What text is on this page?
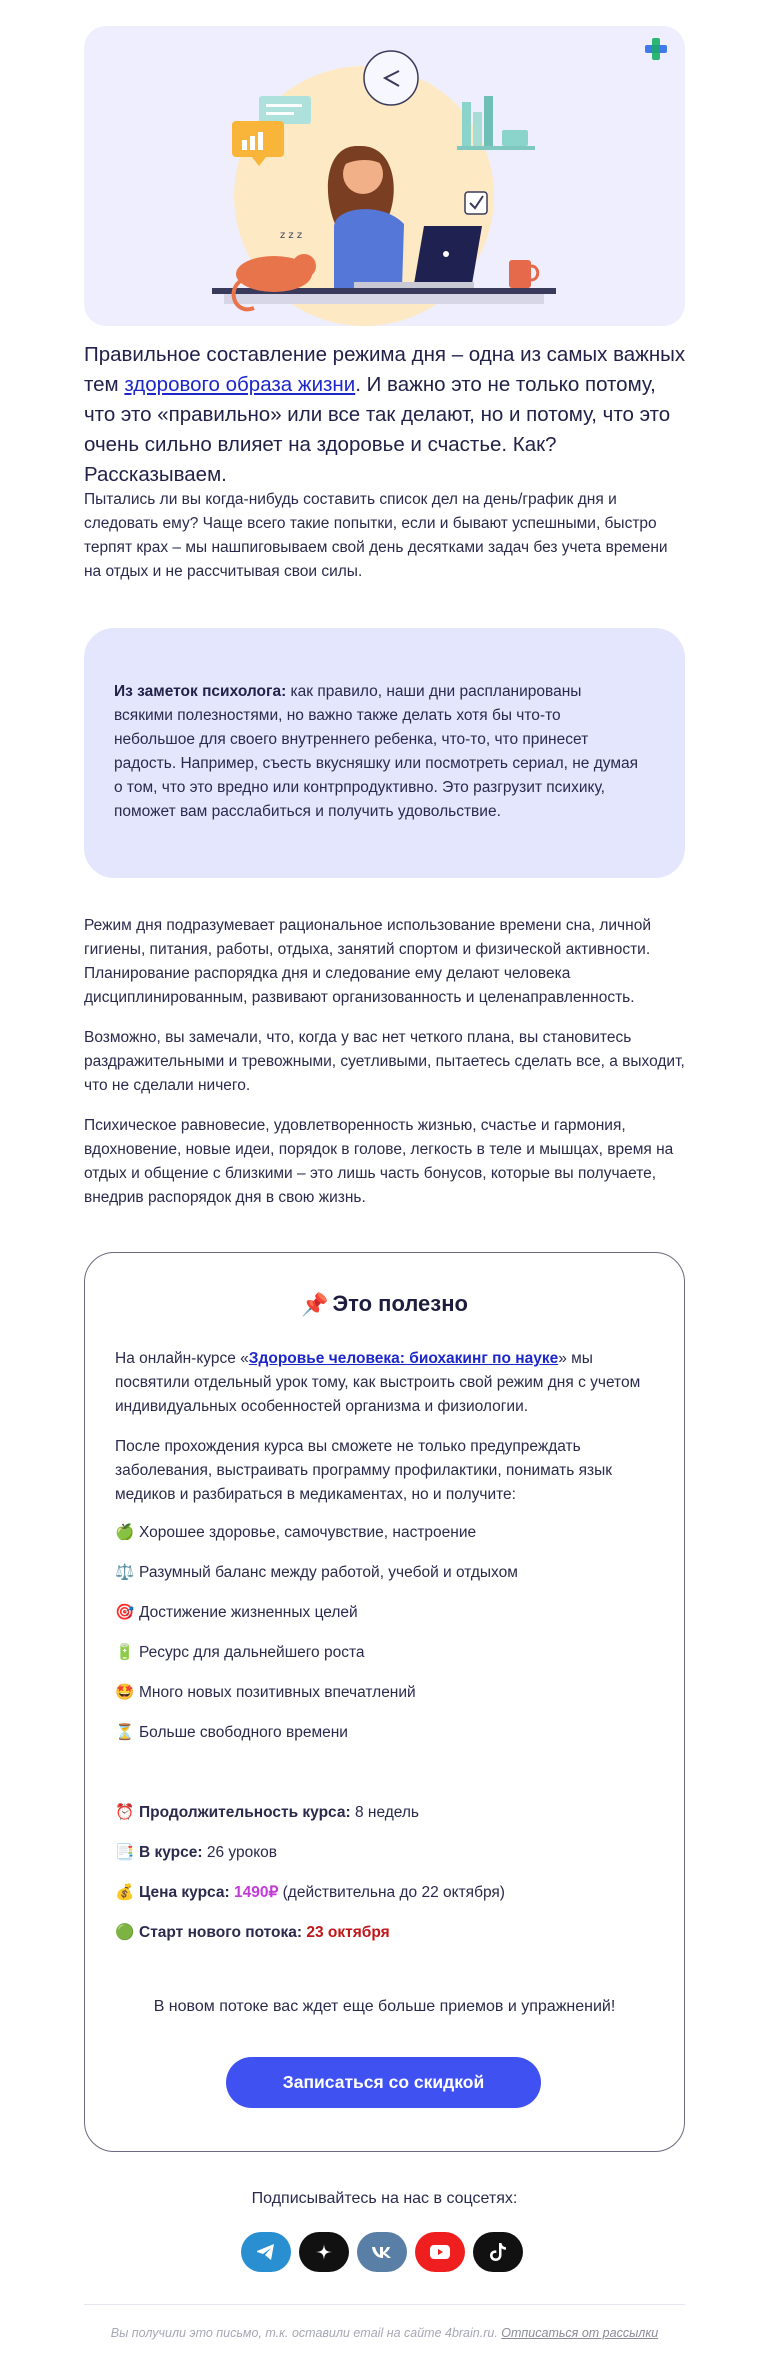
z z z
Правильное составление режима дня – одна из самых важных тем здорового образа жизни. И важно это не только потому, что это «правильно» или все так делают, но и потому, что это очень сильно влияет на здоровье и счастье. Как? Рассказываем.
Пытались ли вы когда-нибудь составить список дел на день/график дня и следовать ему? Чаще всего такие попытки, если и бывают успешными, быстро терпят крах – мы нашпиговываем свой день десятками задач без учета времени на отдых и не рассчитывая свои силы.
Из заметок психолога: как правило, наши дни распланированы всякими полезностями, но важно также делать хотя бы что-то небольшое для своего внутреннего ребенка, что-то, что принесет радость. Например, съесть вкусняшку или посмотреть сериал, не думая о том, что это вредно или контрпродуктивно. Это разгрузит психику, поможет вам расслабиться и получить удовольствие.
Режим дня подразумевает рациональное использование времени сна, личной гигиены, питания, работы, отдыха, занятий спортом и физической активности. Планирование распорядка дня и следование ему делают человека дисциплинированным, развивают организованность и целенаправленность.
Возможно, вы замечали, что, когда у вас нет четкого плана, вы становитесь раздражительными и тревожными, суетливыми, пытаетесь сделать все, а выходит, что не сделали ничего.
Психическое равновесие, удовлетворенность жизнью, счастье и гармония, вдохновение, новые идеи, порядок в голове, легкость в теле и мышцах, время на отдых и общение с близкими – это лишь часть бонусов, которые вы получаете, внедрив распорядок дня в свою жизнь.
📌 Это полезно
На онлайн-курсе «Здоровье человека: биохакинг по науке» мы посвятили отдельный урок тому, как выстроить свой режим дня с учетом индивидуальных особенностей организма и физиологии.
После прохождения курса вы сможете не только предупреждать заболевания, выстраивать программу профилактики, понимать язык медиков и разбираться в медикаментах, но и получите:
🍏 Хорошее здоровье, самочувствие, настроение
⚖️ Разумный баланс между работой, учебой и отдыхом
🎯 Достижение жизненных целей
🔋 Ресурс для дальнейшего роста
🤩 Много новых позитивных впечатлений
⏳ Больше свободного времени
⏰ Продолжительность курса: 8 недель
📑 В курсе: 26 уроков
💰 Цена курса: 1490₽ (действительна до 22 октября)
🟢 Старт нового потока: 23 октября
В новом потоке вас ждет еще больше приемов и упражнений!
Записаться со скидкой
Подписывайтесь на нас в соцсетях:
Вы получили это письмо, т.к. оставили email на сайте 4brain.ru. Отписаться от рассылки
